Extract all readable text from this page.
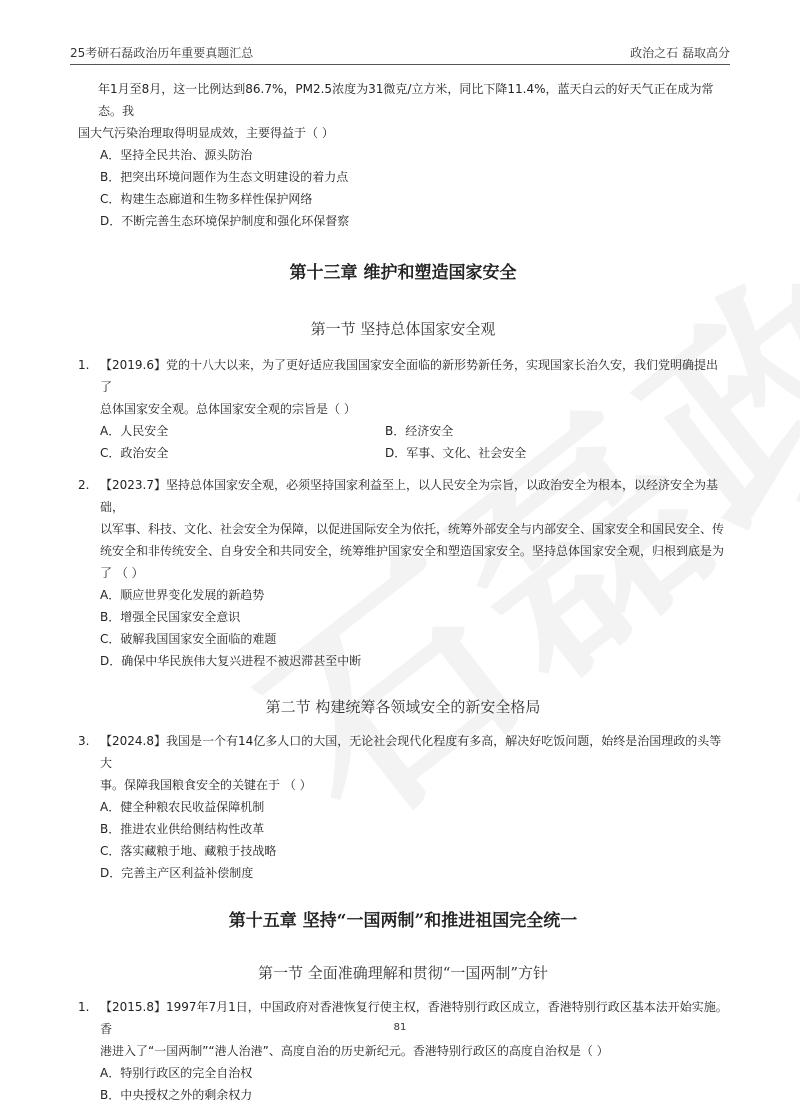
25考研石磊政治历年重要真题汇总	政治之石 磊取高分

年1月至8月，这一比例达到86.7%，PM2.5浓度为31微克/立方米，同比下降11.4%，蓝天白云的好天气正在成为常态。我

国大气污染治理取得明显成效，主要得益于（ ）

A．坚持全民共治、源头防治

B．把突出环境问题作为生态文明建设的着力点

C．构建生态廊道和生物多样性保护网络

D．不断完善生态环境保护制度和强化环保督察

第十三章 维护和塑造国家安全

第一节 坚持总体国家安全观

1. 【2019.6】党的十八大以来，为了更好适应我国国家安全面临的新形势新任务，实现国家长治久安，我们党明确提出了

总体国家安全观。总体国家安全观的宗旨是（ ）

A．人民安全	B．经济安全
C．政治安全	D．军事、文化、社会安全
2. 【2023.7】坚持总体国家安全观，必须坚持国家利益至上，以人民安全为宗旨，以政治安全为根本，以经济安全为基础，

以军事、科技、文化、社会安全为保障，以促进国际安全为依托，统筹外部安全与内部安全、国家安全和国民安全、传

统安全和非传统安全、自身安全和共同安全，统筹维护国家安全和塑造国家安全。坚持总体国家安全观，归根到底是为

了 （ ）

A．顺应世界变化发展的新趋势

B．增强全民国家安全意识

C．破解我国国家安全面临的难题

D．确保中华民族伟大复兴进程不被迟滞甚至中断

第二节 构建统筹各领域安全的新安全格局

3. 【2024.8】我国是一个有14亿多人口的大国，无论社会现代化程度有多高，解决好吃饭问题，始终是治国理政的头等大

事。保障我国粮食安全的关键在于 （ ）

A．健全种粮农民收益保障机制

B．推进农业供给侧结构性改革

C．落实藏粮于地、藏粮于技战略

D．完善主产区利益补偿制度

第十五章 坚持“一国两制”和推进祖国完全统一

第一节 全面准确理解和贯彻“一国两制”方针

1. 【2015.8】1997年7月1日，中国政府对香港恢复行使主权，香港特别行政区成立，香港特别行政区基本法开始实施。香

港进入了“一国两制”“港人治港”、高度自治的历史新纪元。香港特别行政区的高度自治权是（ ）

A．特别行政区的完全自治权

B．中央授权之外的剩余权力

81
